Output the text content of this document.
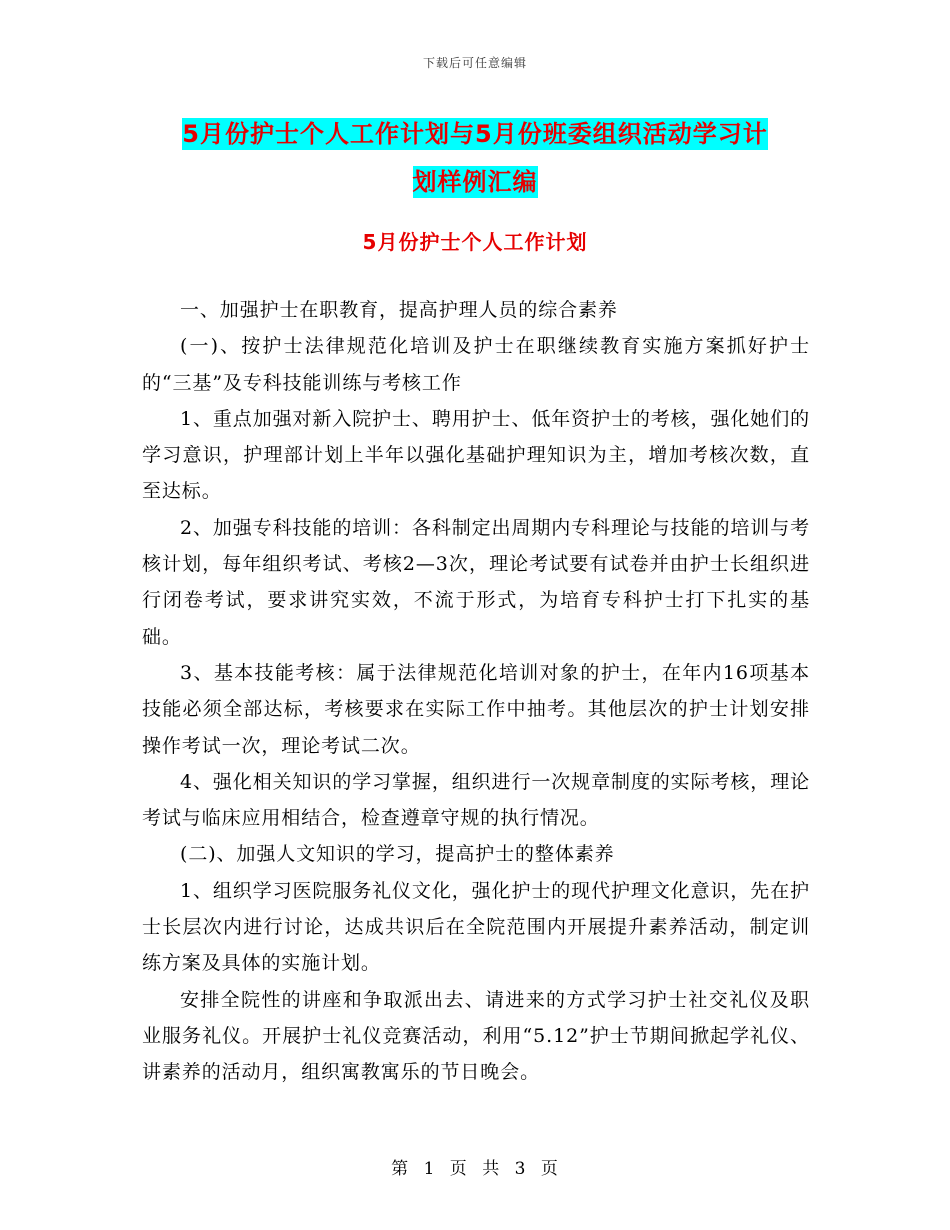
下载后可任意编辑
5月份护士个人工作计划与5月份班委组织活动学习计
划样例汇编
5月份护士个人工作计划

一、加强护士在职教育，提高护理人员的综合素养

(一)、按护士法律规范化培训及护士在职继续教育实施方案抓好护士的“三基”及专科技能训练与考核工作

1、重点加强对新入院护士、聘用护士、低年资护士的考核，强化她们的学习意识，护理部计划上半年以强化基础护理知识为主，增加考核次数，直至达标。

2、加强专科技能的培训：各科制定出周期内专科理论与技能的培训与考核计划，每年组织考试、考核2—3次，理论考试要有试卷并由护士长组织进行闭卷考试，要求讲究实效，不流于形式，为培育专科护士打下扎实的基础。

3、基本技能考核：属于法律规范化培训对象的护士，在年内16项基本技能必须全部达标，考核要求在实际工作中抽考。其他层次的护士计划安排操作考试一次，理论考试二次。

4、强化相关知识的学习掌握，组织进行一次规章制度的实际考核，理论考试与临床应用相结合，检查遵章守规的执行情况。

(二)、加强人文知识的学习，提高护士的整体素养

1、组织学习医院服务礼仪文化，强化护士的现代护理文化意识，先在护士长层次内进行讨论，达成共识后在全院范围内开展提升素养活动，制定训练方案及具体的实施计划。

安排全院性的讲座和争取派出去、请进来的方式学习护士社交礼仪及职业服务礼仪。开展护士礼仪竞赛活动，利用“5.12”护士节期间掀起学礼仪、讲素养的活动月，组织寓教寓乐的节日晚会。

第 1 页 共 3 页
